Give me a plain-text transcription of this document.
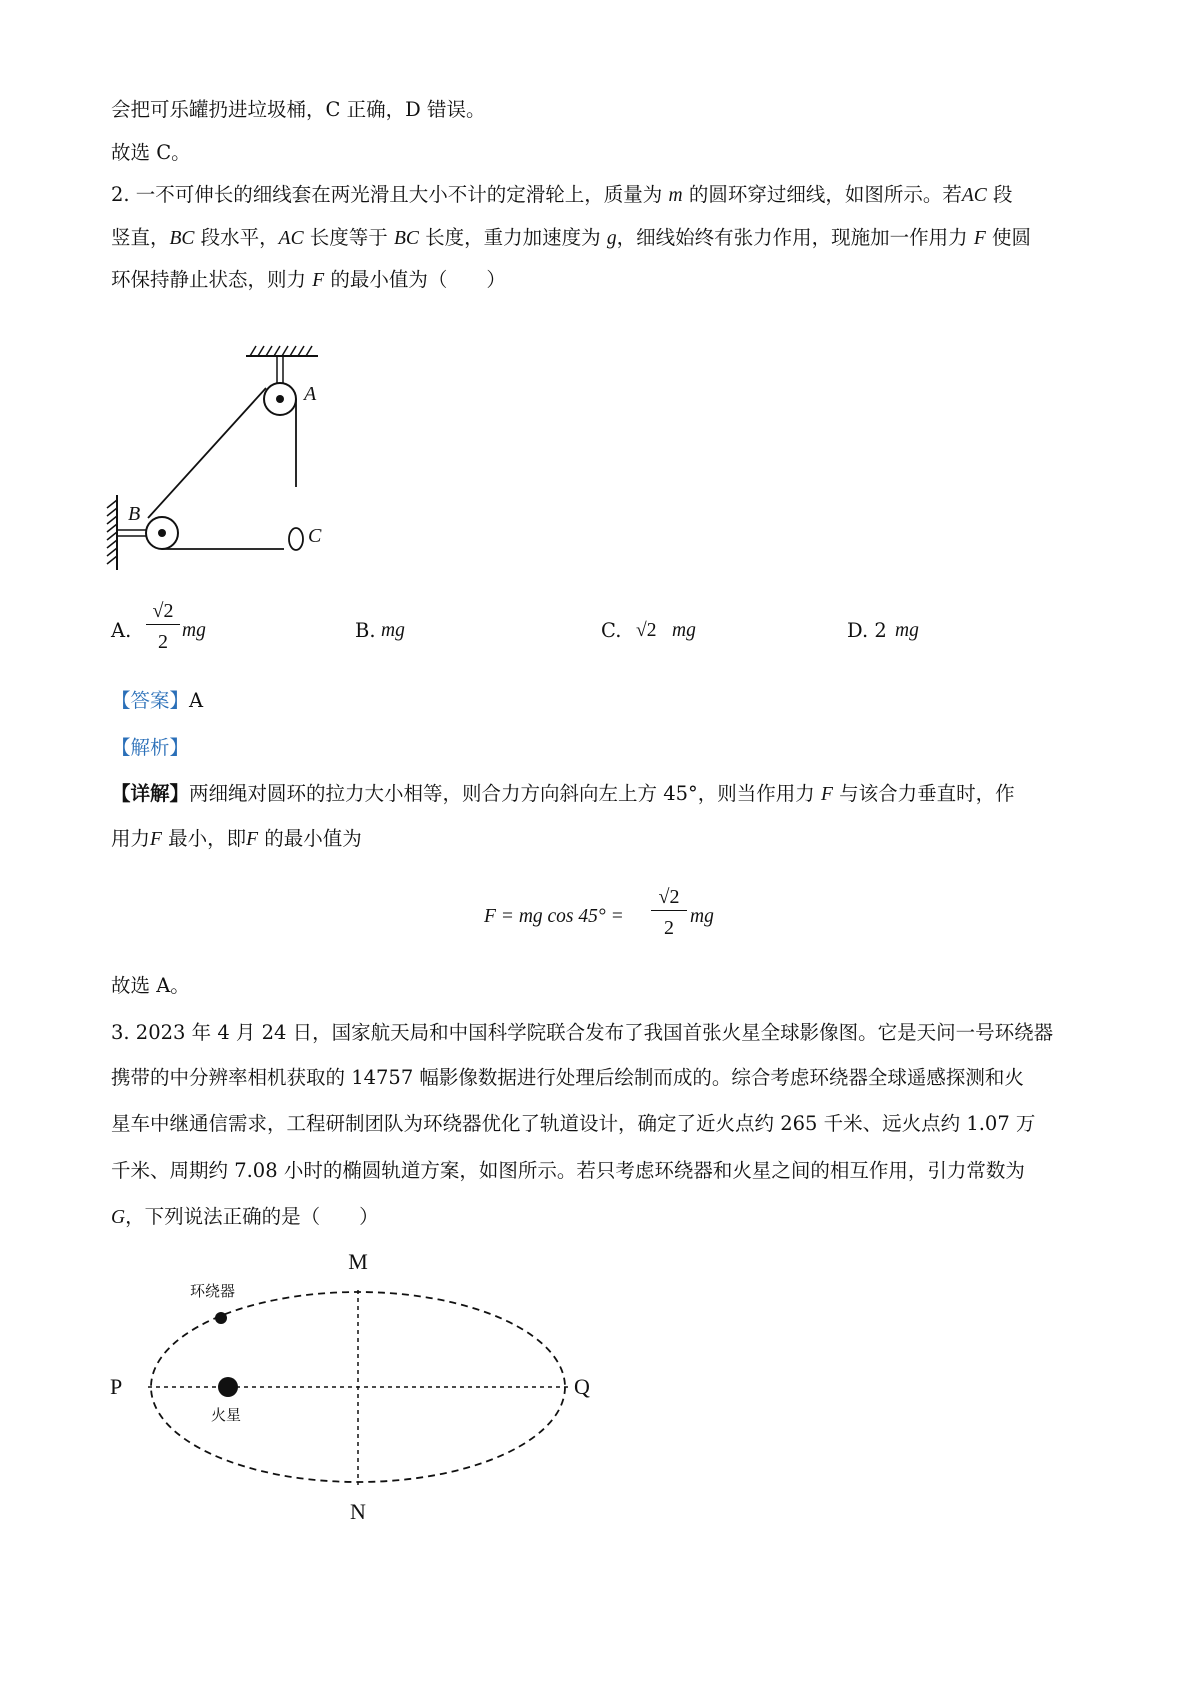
会把可乐罐扔进垃圾桶，C 正确，D 错误。
故选 C。
2. 一不可伸长的细线套在两光滑且大小不计的定滑轮上，质量为 m 的圆环穿过细线，如图所示。若AC 段
竖直，BC 段水平，AC 长度等于 BC 长度，重力加速度为 g，细线始终有张力作用，现施加一作用力 F 使圆
环保持静止状态，则力 F 的最小值为（　　）
A
B
C
A.
√2
2
mg	B. mg	C. √2 mg	D. 2 mg
【答案】A
【解析】
【详解】两细绳对圆环的拉力大小相等，则合力方向斜向左上方 45°，则当作用力 F 与该合力垂直时，作
用力F 最小，即F 的最小值为
F = mg cos 45° =
√2
2
mg
故选 A。
3. 2023 年 4 月 24 日，国家航天局和中国科学院联合发布了我国首张火星全球影像图。它是天问一号环绕器
携带的中分辨率相机获取的 14757 幅影像数据进行处理后绘制而成的。综合考虑环绕器全球遥感探测和火
星车中继通信需求，工程研制团队为环绕器优化了轨道设计，确定了近火点约 265 千米、远火点约 1.07 万
千米、周期约 7.08 小时的椭圆轨道方案，如图所示。若只考虑环绕器和火星之间的相互作用，引力常数为
G，下列说法正确的是（　　）
M
N
P	Q
环绕器
火星
